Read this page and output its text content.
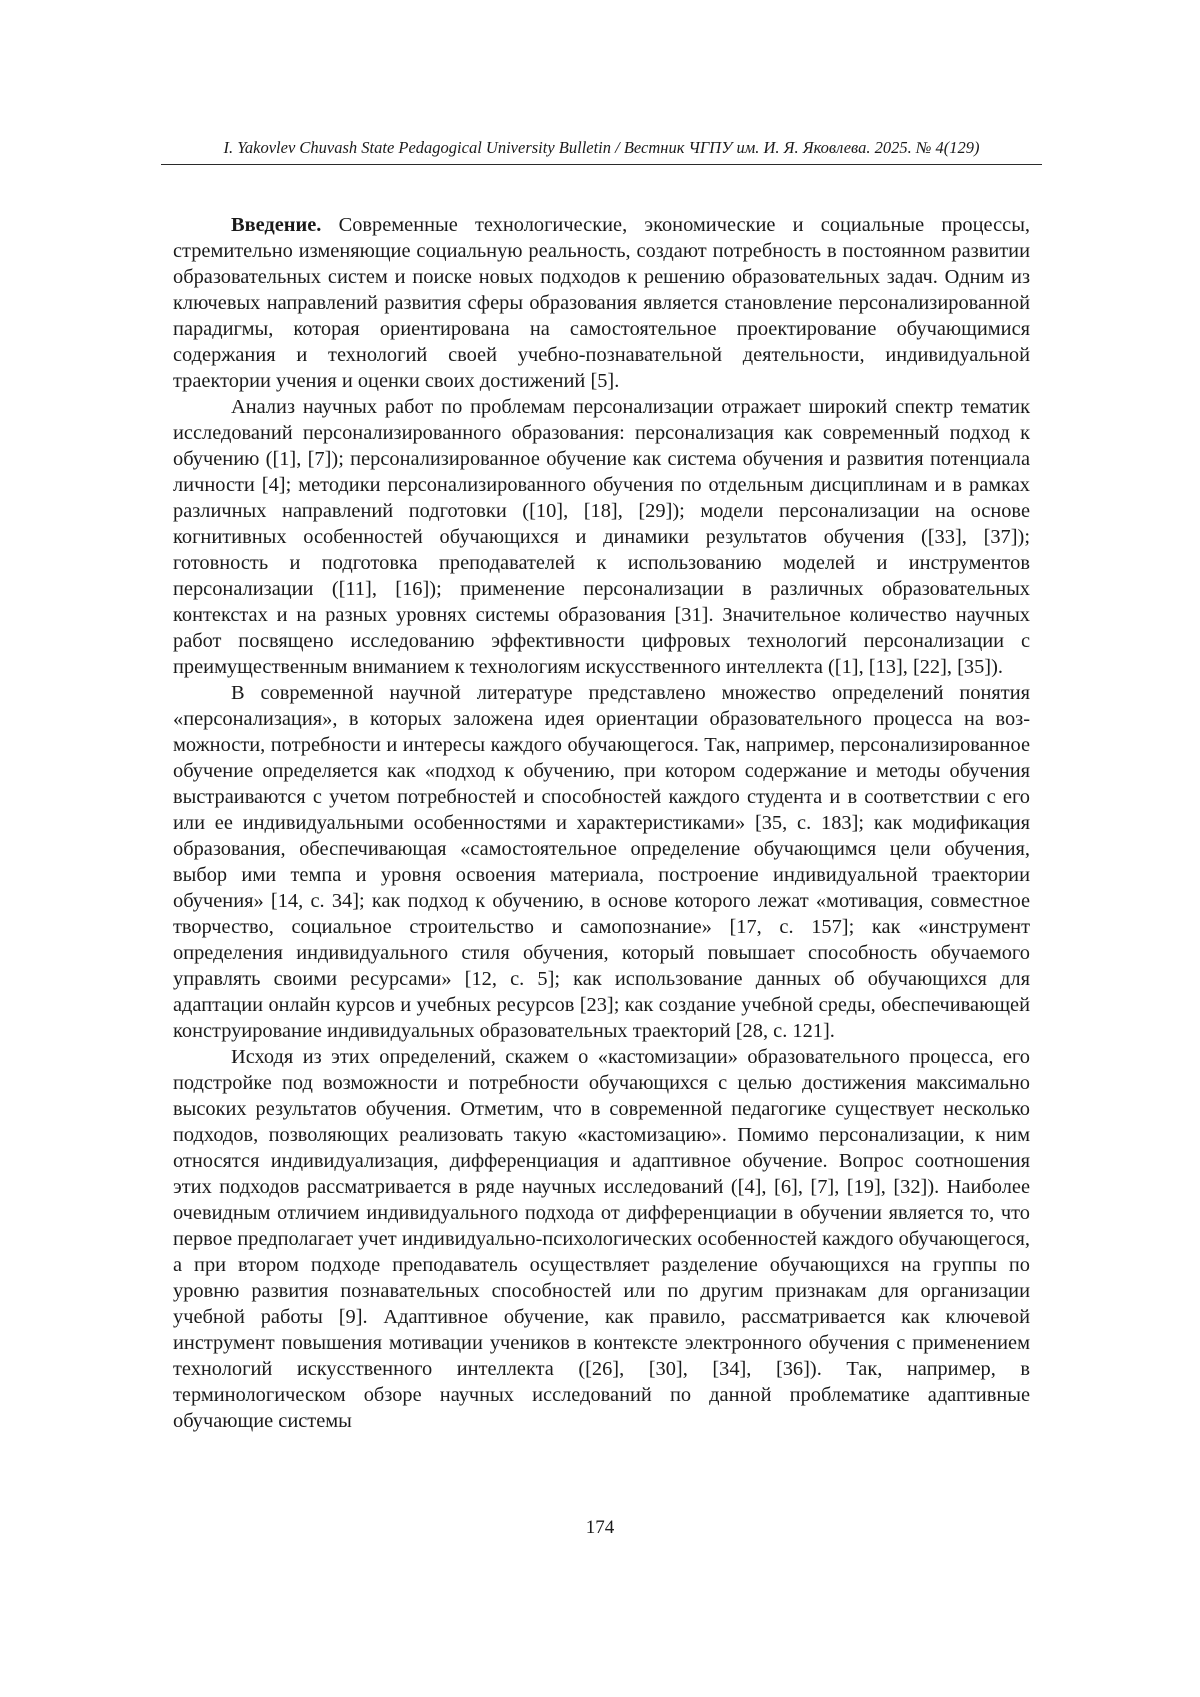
I. Yakovlev Chuvash State Pedagogical University Bulletin / Вестник ЧГПУ им. И. Я. Яковлева. 2025. № 4(129)

Введение. Современные технологические, экономические и социальные процессы, стремительно изменяющие социальную реальность, создают потребность в постоянном развитии образовательных систем и поиске новых подходов к решению образовательных задач. Одним из ключевых направлений развития сферы образования является становление персонализированной парадигмы, которая ориентирована на самостоятельное проектирование обучающимися содержания и технологий своей учебно-познавательной деятельности, индивидуальной траектории учения и оценки своих достижений [5].

Анализ научных работ по проблемам персонализации отражает широкий спектр тематик исследований персонализированного образования: персонализация как современный подход к обучению ([1], [7]); персонализированное обучение как система обучения и развития потенциала личности [4]; методики персонализированного обучения по отдельным дисциплинам и в рамках различных направлений подготовки ([10], [18], [29]); модели персонализации на основе когнитивных особенностей обучающихся и динамики результатов обучения ([33], [37]); готовность и подготовка преподавателей к использованию моделей и инструментов персонализации ([11], [16]); применение персонализации в различных образовательных контекстах и на разных уровнях системы образования [31]. Значительное количество научных работ посвящено исследованию эффективности цифровых технологий персонализации с преимущественным вниманием к технологиям искусственного интеллекта ([1], [13], [22], [35]).

В современной научной литературе представлено множество определений понятия «персонализация», в которых заложена идея ориентации образовательного процесса на возможности, потребности и интересы каждого обучающегося. Так, например, персонализированное обучение определяется как «подход к обучению, при котором содержание и методы обучения выстраиваются с учетом потребностей и способностей каждого студента и в соответствии с его или ее индивидуальными особенностями и характеристиками» [35, с. 183]; как модификация образования, обеспечивающая «самостоятельное определение обучающимся цели обучения, выбор ими темпа и уровня освоения материала, построение индивидуальной траектории обучения» [14, с. 34]; как подход к обучению, в основе которого лежат «мотивация, совместное творчество, социальное строительство и самопознание» [17, с. 157]; как «инструмент определения индивидуального стиля обучения, который повышает способность обучаемого управлять своими ресурсами» [12, с. 5]; как использование данных об обучающихся для адаптации онлайн курсов и учебных ресурсов [23]; как создание учебной среды, обеспечивающей конструирование индивидуальных образовательных траекторий [28, с. 121].

Исходя из этих определений, скажем о «кастомизации» образовательного процесса, его подстройке под возможности и потребности обучающихся с целью достижения максимально высоких результатов обучения. Отметим, что в современной педагогике существует несколько подходов, позволяющих реализовать такую «кастомизацию». Помимо персонализации, к ним относятся индивидуализация, дифференциация и адаптивное обучение. Вопрос соотношения этих подходов рассматривается в ряде научных исследований ([4], [6], [7], [19], [32]). Наиболее очевидным отличием индивидуального подхода от дифференциации в обучении является то, что первое предполагает учет индивидуально-психологических особенностей каждого обучающегося, а при втором подходе преподаватель осуществляет разделение обучающихся на группы по уровню развития познавательных способностей или по другим признакам для организации учебной работы [9]. Адаптивное обучение, как правило, рассматривается как ключевой инструмент повышения мотивации учеников в контексте электронного обучения с применением технологий искусственного интеллекта ([26], [30], [34], [36]). Так, например, в терминологическом обзоре научных исследований по данной проблематике адаптивные обучающие системы

174
